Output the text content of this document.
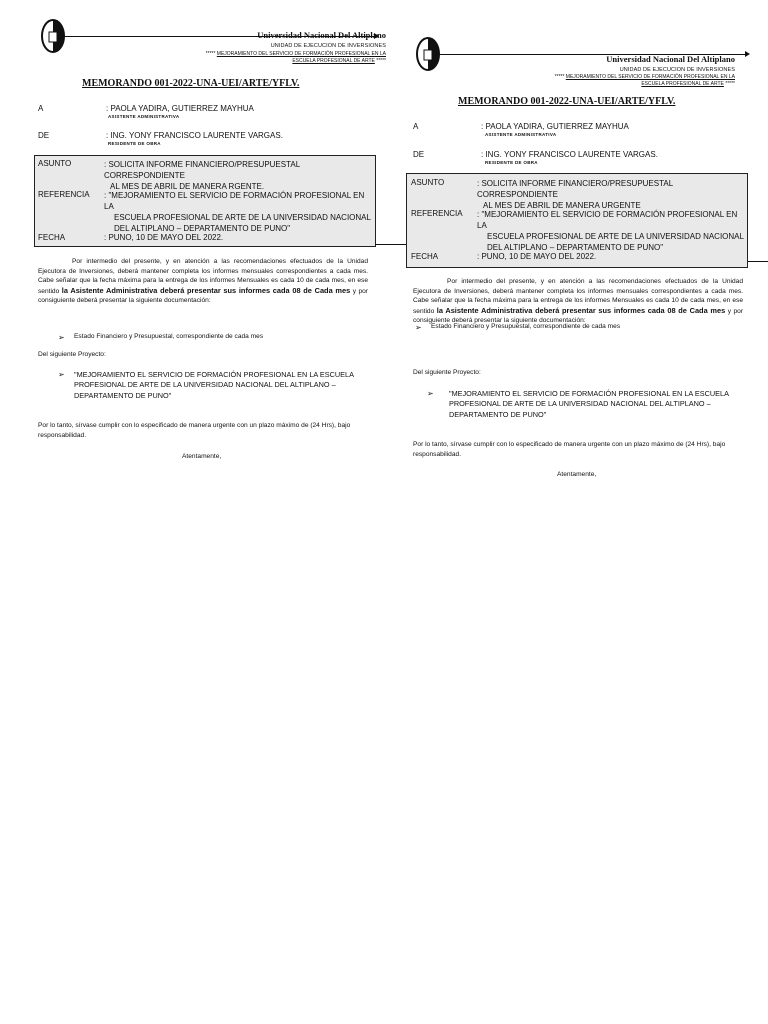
Universidad Nacional Del Altiplano
UNIDAD DE EJECUCION DE INVERSIONES
***** MEJORAMIENTO DEL SERVICIO DE FORMACIÓN PROFESIONAL EN LA
ESCUELA PROFESIONAL DE ARTE *****
MEMORANDO 001-2022-UNA-UEI/ARTE/YFLV.
A	: PAOLA YADIRA, GUTIERREZ MAYHUA
ASISTENTE ADMINISTRATIVA
DE	: ING. YONY FRANCISCO LAURENTE VARGAS.
RESIDENTE DE OBRA
ASUNTO	: SOLICITA INFORME FINANCIERO/PRESUPUESTAL CORRESPONDIENTE
AL MES DE ABRIL DE MANERA RGENTE.
REFERENCIA : "MEJORAMIENTO EL SERVICIO DE FORMACIÓN PROFESIONAL EN LA
ESCUELA PROFESIONAL DE ARTE DE LA UNIVERSIDAD NACIONAL
DEL ALTIPLANO – DEPARTAMENTO DE PUNO"
FECHA	: PUNO, 10 DE MAYO DEL 2022.
Por intermedio del presente, y en atención a las recomendaciones efectuados de la Unidad Ejecutora de Inversiones, deberá mantener completa los informes mensuales correspondientes a cada mes. Cabe señalar que la fecha máxima para la entrega de los informes Mensuales es cada 10 de cada mes, en ese sentido la Asistente Administrativa deberá presentar sus informes cada 08 de Cada mes y por consiguiente deberá presentar la siguiente documentación:
➢ Estado Financiero y Presupuestal, correspondiente de cada mes
Del siguiente Proyecto:
➢ "MEJORAMIENTO EL SERVICIO DE FORMACIÓN PROFESIONAL EN LA ESCUELA PROFESIONAL DE ARTE DE LA UNIVERSIDAD NACIONAL DEL ALTIPLANO – DEPARTAMENTO DE PUNO"
Por lo tanto, sírvase cumplir con lo especificado de manera urgente con un plazo máximo de (24 Hrs), bajo responsabilidad.
Atentamente,
Universidad Nacional Del Altiplano
UNIDAD DE EJECUCION DE INVERSIONES
***** MEJORAMIENTO DEL SERVICIO DE FORMACIÓN PROFESIONAL EN LA
ESCUELA PROFESIONAL DE ARTE *****
MEMORANDO 001-2022-UNA-UEI/ARTE/YFLV.
A	: PAOLA YADIRA, GUTIERREZ MAYHUA
ASISTENTE ADMINISTRATIVA
DE	: ING. YONY FRANCISCO LAURENTE VARGAS.
RESIDENTE DE OBRA
ASUNTO	: SOLICITA INFORME FINANCIERO/PRESUPUESTAL CORRESPONDIENTE
AL MES DE ABRIL DE MANERA URGENTE
REFERENCIA : "MEJORAMIENTO EL SERVICIO DE FORMACIÓN PROFESIONAL EN LA
ESCUELA PROFESIONAL DE ARTE DE LA UNIVERSIDAD NACIONAL
DEL ALTIPLANO – DEPARTAMENTO DE PUNO"
FECHA	: PUNO, 10 DE MAYO DEL 2022.
Por intermedio del presente, y en atención a las recomendaciones efectuados de la Unidad Ejecutora de Inversiones, deberá mantener completa los informes mensuales correspondientes a cada mes. Cabe señalar que la fecha máxima para la entrega de los informes Mensuales es cada 10 de cada mes, en ese sentido la Asistente Administrativa deberá presentar sus informes cada 08 de Cada mes y por consiguiente deberá presentar la siguiente documentación:
➢ Estado Financiero y Presupuestal, correspondiente de cada mes
Del siguiente Proyecto:
➢ "MEJORAMIENTO EL SERVICIO DE FORMACIÓN PROFESIONAL EN LA ESCUELA PROFESIONAL DE ARTE DE LA UNIVERSIDAD NACIONAL DEL ALTIPLANO – DEPARTAMENTO DE PUNO"
Por lo tanto, sírvase cumplir con lo especificado de manera urgente con un plazo máximo de (24 Hrs), bajo responsabilidad.
Atentamente,
